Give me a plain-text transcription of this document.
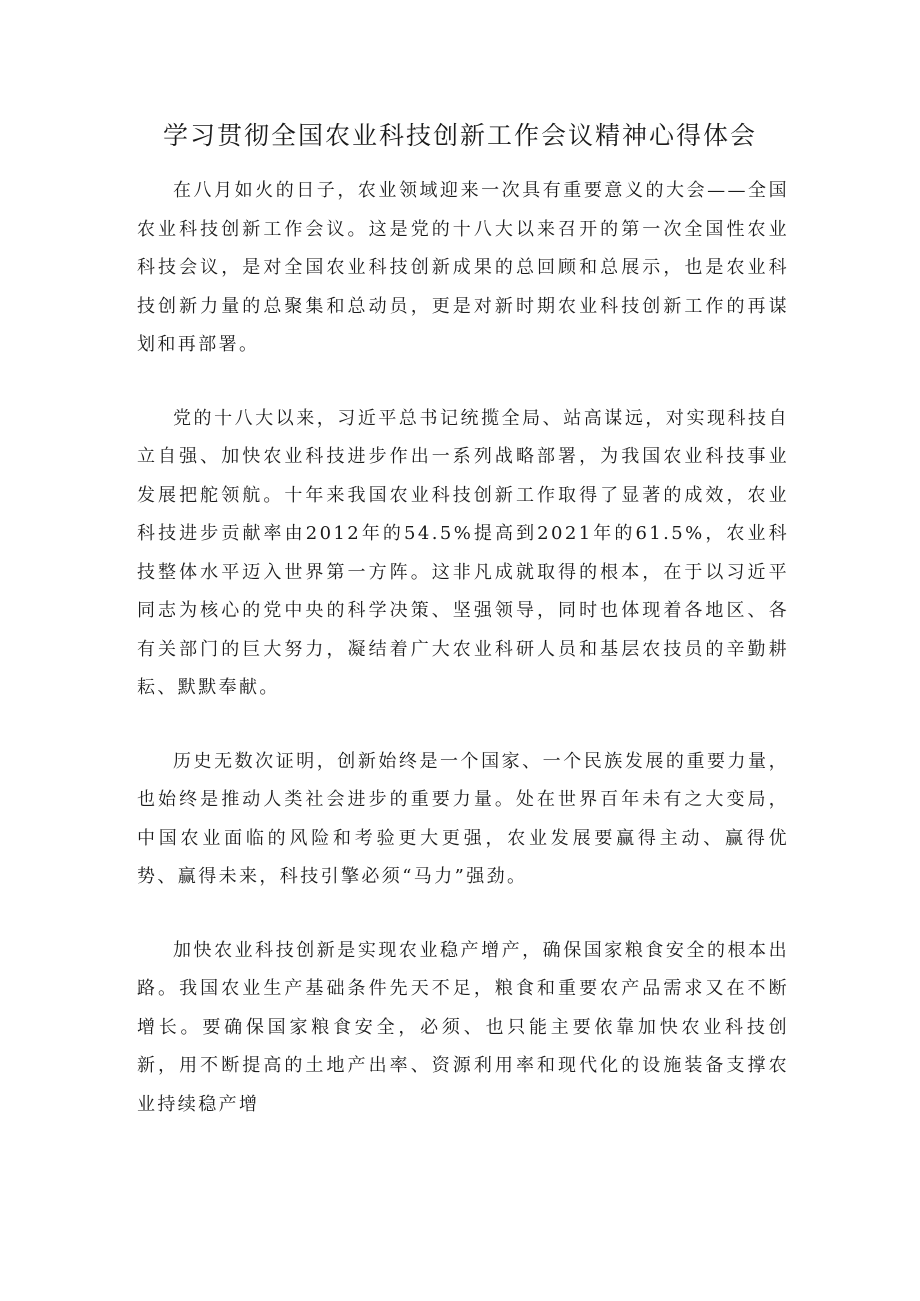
学习贯彻全国农业科技创新工作会议精神心得体会

在八月如火的日子，农业领域迎来一次具有重要意义的大会——全国农业科技创新工作会议。这是党的十八大以来召开的第一次全国性农业科技会议，是对全国农业科技创新成果的总回顾和总展示，也是农业科技创新力量的总聚集和总动员，更是对新时期农业科技创新工作的再谋划和再部署。

党的十八大以来，习近平总书记统揽全局、站高谋远，对实现科技自立自强、加快农业科技进步作出一系列战略部署，为我国农业科技事业发展把舵领航。十年来我国农业科技创新工作取得了显著的成效，农业科技进步贡献率由2012年的54.5%提高到2021年的61.5%，农业科技整体水平迈入世界第一方阵。这非凡成就取得的根本，在于以习近平同志为核心的党中央的科学决策、坚强领导，同时也体现着各地区、各有关部门的巨大努力，凝结着广大农业科研人员和基层农技员的辛勤耕耘、默默奉献。

历史无数次证明，创新始终是一个国家、一个民族发展的重要力量，也始终是推动人类社会进步的重要力量。处在世界百年未有之大变局，中国农业面临的风险和考验更大更强，农业发展要赢得主动、赢得优势、赢得未来，科技引擎必须“马力”强劲。

加快农业科技创新是实现农业稳产增产，确保国家粮食安全的根本出路。我国农业生产基础条件先天不足，粮食和重要农产品需求又在不断增长。要确保国家粮食安全，必须、也只能主要依靠加快农业科技创新，用不断提高的土地产出率、资源利用率和现代化的设施装备支撑农业持续稳产增
